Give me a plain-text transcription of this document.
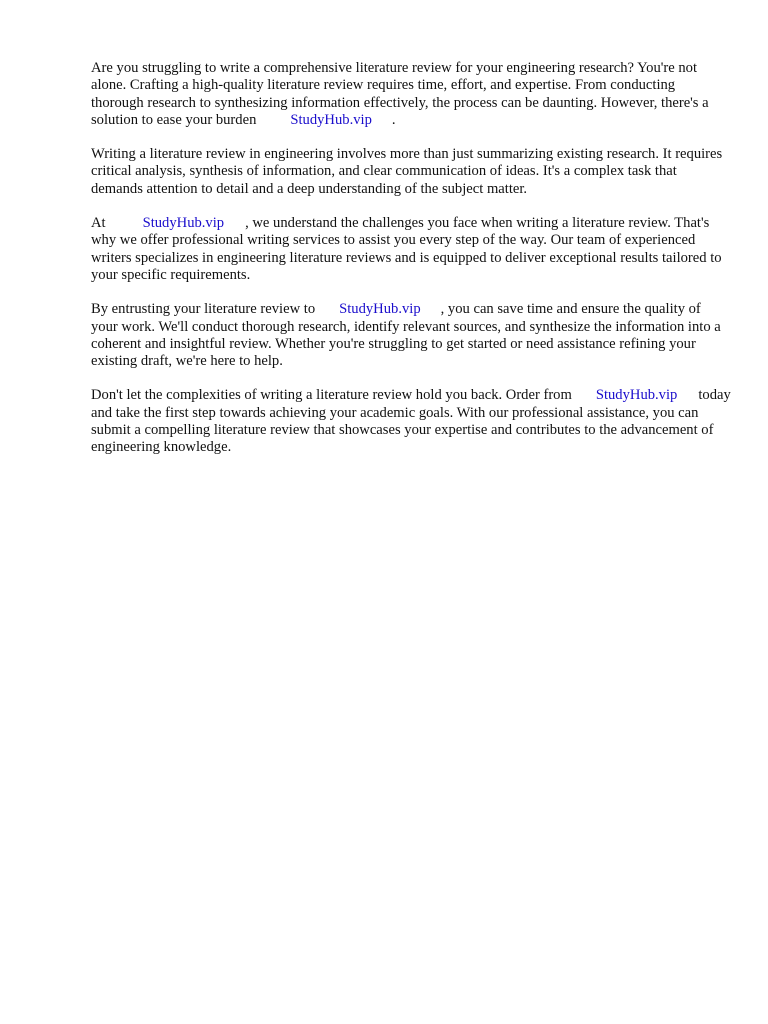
Are you struggling to write a comprehensive literature review for your engineering research? You're not alone. Crafting a high-quality literature review requires time, effort, and expertise. From conducting thorough research to synthesizing information effectively, the process can be daunting. However, there's a solution to ease your burden StudyHub.vip .

Writing a literature review in engineering involves more than just summarizing existing research. It requires critical analysis, synthesis of information, and clear communication of ideas. It's a complex task that demands attention to detail and a deep understanding of the subject matter.

At	StudyHub.vip , we understand the challenges you face when writing a literature review. That's why we offer professional writing services to assist you every step of the way. Our team of experienced writers specializes in engineering literature reviews and is equipped to deliver exceptional results tailored to your specific requirements.

By entrusting your literature review to StudyHub.vip , you can save time and ensure the quality of your work. We'll conduct thorough research, identify relevant sources, and synthesize the information into a coherent and insightful review. Whether you're struggling to get started or need assistance refining your existing draft, we're here to help.

Don't let the complexities of writing a literature review hold you back. Order from StudyHub.vip today and take the first step towards achieving your academic goals. With our professional assistance, you can submit a compelling literature review that showcases your expertise and contributes to the advancement of engineering knowledge.
